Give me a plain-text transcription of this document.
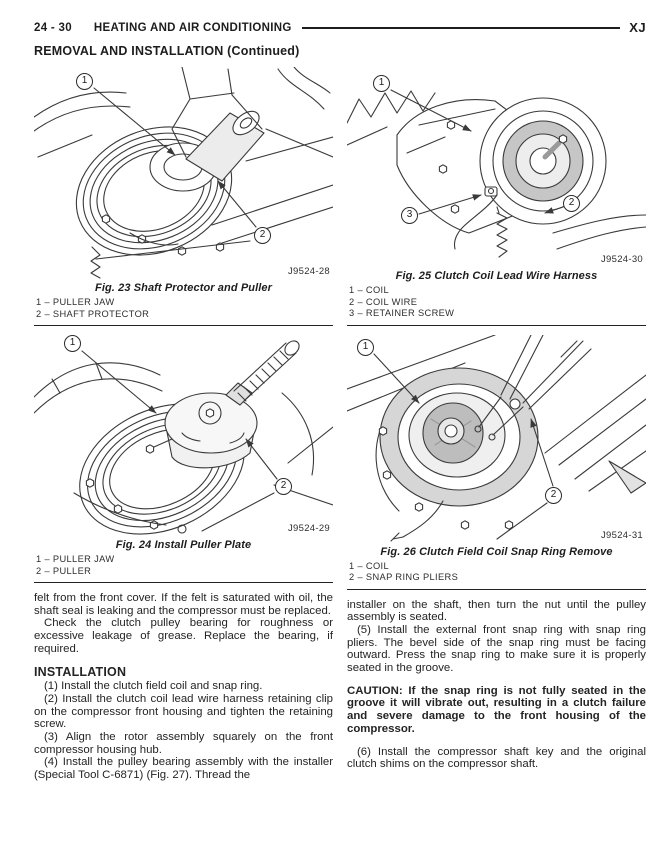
24 - 30 HEATING AND AIR CONDITIONING	XJ
REMOVAL AND INSTALLATION (Continued)
1
2
J9524-28
Fig. 23 Shaft Protector and Puller
1 – PULLER JAW
2 – SHAFT PROTECTOR
1
2
J9524-29
Fig. 24 Install Puller Plate
1 – PULLER JAW
2 – PULLER

felt from the front cover. If the felt is saturated with oil, the shaft seal is leaking and the compressor must be replaced.

Check the clutch pulley bearing for roughness or excessive leakage of grease. Replace the bearing, if required.

INSTALLATION

(1) Install the clutch field coil and snap ring.

(2) Install the clutch coil lead wire harness retaining clip on the compressor front housing and tighten the retaining screw.

(3) Align the rotor assembly squarely on the front compressor housing hub.

(4) Install the pulley bearing assembly with the installer (Special Tool C-6871) (Fig. 27). Thread the

1
3
2
J9524-30
Fig. 25 Clutch Coil Lead Wire Harness
1 – COIL
2 – COIL WIRE
3 – RETAINER SCREW
1
2
J9524-31
Fig. 26 Clutch Field Coil Snap Ring Remove
1 – COIL
2 – SNAP RING PLIERS

installer on the shaft, then turn the nut until the pulley assembly is seated.

(5) Install the external front snap ring with snap ring pliers. The bevel side of the snap ring must be facing outward. Press the snap ring to make sure it is properly seated in the groove.

CAUTION: If the snap ring is not fully seated in the groove it will vibrate out, resulting in a clutch failure and severe damage to the front housing of the compressor.

(6) Install the compressor shaft key and the original clutch shims on the compressor shaft.
